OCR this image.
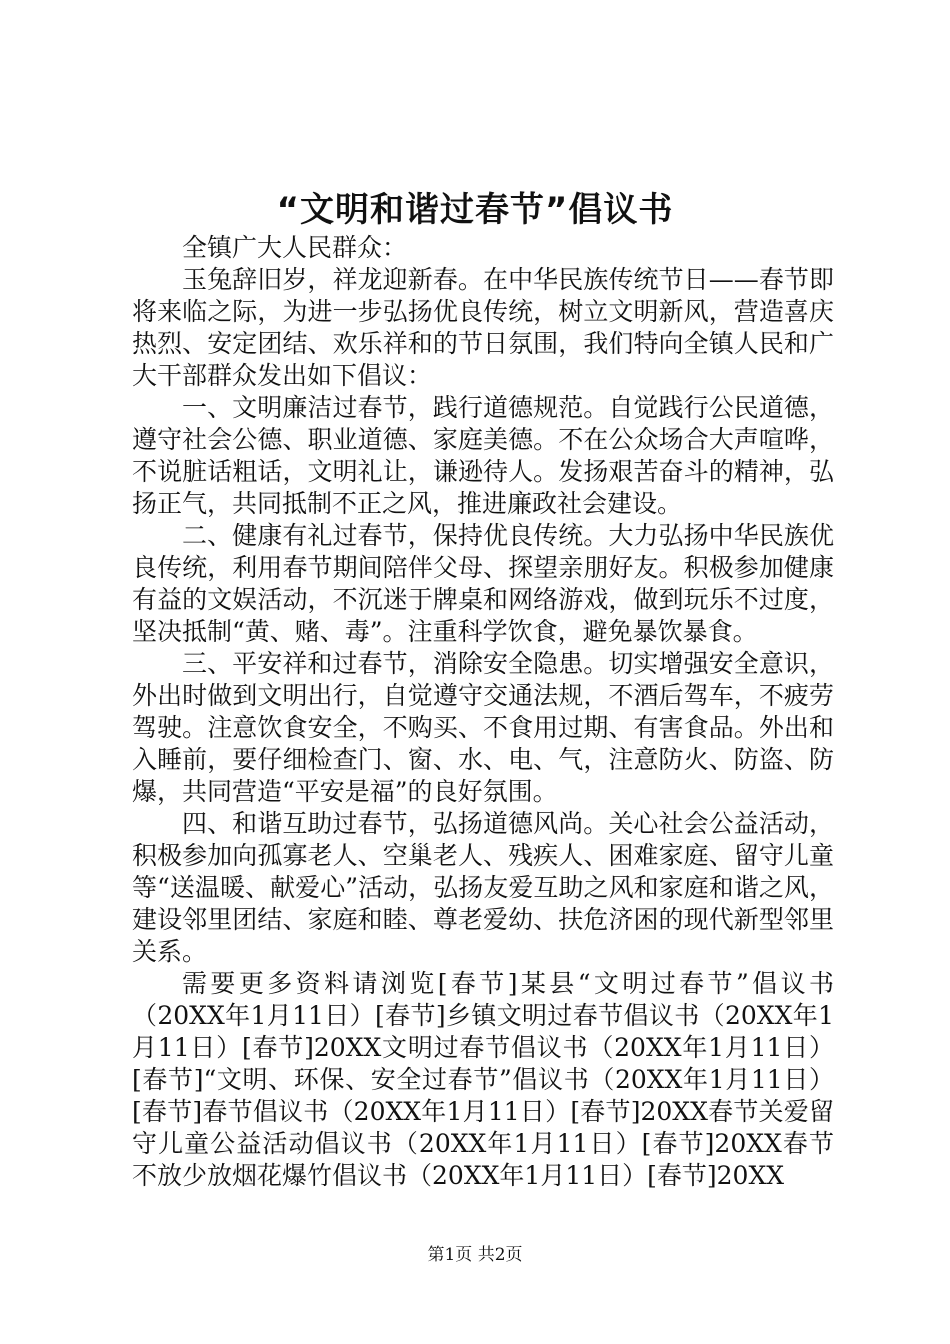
“文明和谐过春节”倡议书

全镇广大人民群众：

玉兔辞旧岁，祥龙迎新春。在中华民族传统节日——春节即将来临之际，为进一步弘扬优良传统，树立文明新风，营造喜庆热烈、安定团结、欢乐祥和的节日氛围，我们特向全镇人民和广大干部群众发出如下倡议：

一、文明廉洁过春节，践行道德规范。自觉践行公民道德，遵守社会公德、职业道德、家庭美德。不在公众场合大声喧哗，不说脏话粗话，文明礼让，谦逊待人。发扬艰苦奋斗的精神，弘扬正气，共同抵制不正之风，推进廉政社会建设。

二、健康有礼过春节，保持优良传统。大力弘扬中华民族优良传统，利用春节期间陪伴父母、探望亲朋好友。积极参加健康有益的文娱活动，不沉迷于牌桌和网络游戏，做到玩乐不过度，坚决抵制“黄、赌、毒”。注重科学饮食，避免暴饮暴食。

三、平安祥和过春节，消除安全隐患。切实增强安全意识，外出时做到文明出行，自觉遵守交通法规，不酒后驾车，不疲劳驾驶。注意饮食安全，不购买、不食用过期、有害食品。外出和入睡前，要仔细检查门、窗、水、电、气，注意防火、防盗、防爆，共同营造“平安是福”的良好氛围。

四、和谐互助过春节，弘扬道德风尚。关心社会公益活动，积极参加向孤寡老人、空巢老人、残疾人、困难家庭、留守儿童等“送温暖、献爱心”活动，弘扬友爱互助之风和家庭和谐之风，建设邻里团结、家庭和睦、尊老爱幼、扶危济困的现代新型邻里关系。

需要更多资料请浏览[春节]某县“文明过春节”倡议书（20XX年1月11日）[春节]乡镇文明过春节倡议书（20XX年1月11日）[春节]20XX文明过春节倡议书（20XX年1月11日）[春节]“文明、环保、安全过春节”倡议书（20XX年1月11日）[春节]春节倡议书（20XX年1月11日）[春节]20XX春节关爱留守儿童公益活动倡议书（20XX年1月11日）[春节]20XX春节不放少放烟花爆竹倡议书（20XX年1月11日）[春节]20XX

第1页 共2页
